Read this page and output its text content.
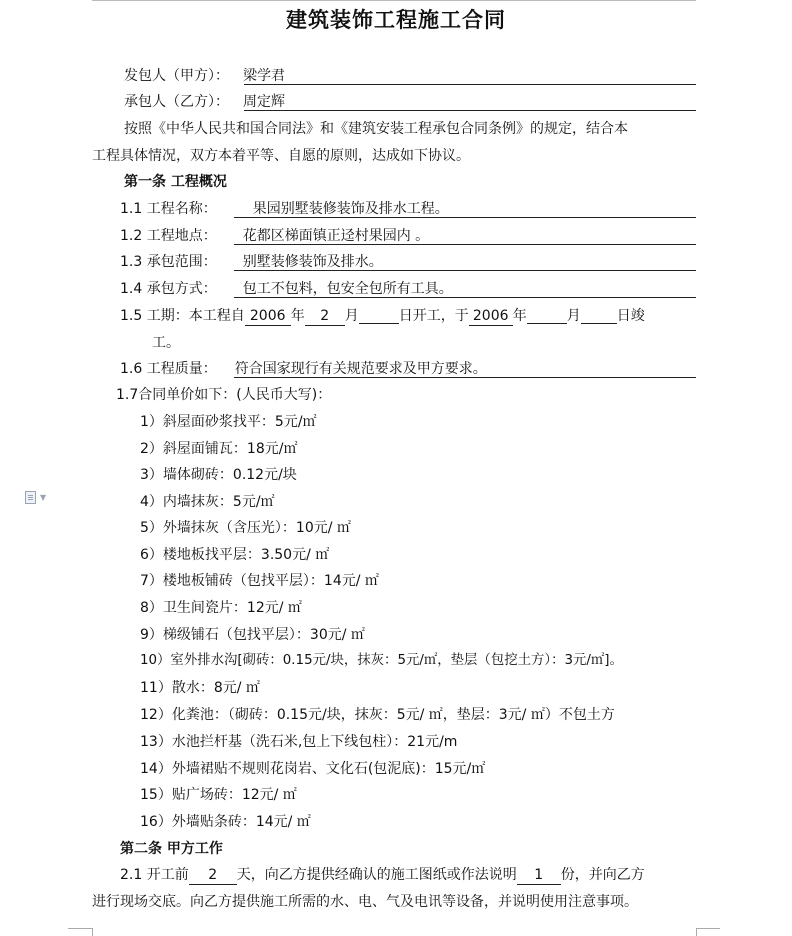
建筑装饰工程施工合同
发包人（甲方）： 梁学君
承包人（乙方）： 周定辉
按照《中华人民共和国合同法》和《建筑安装工程承包合同条例》的规定，结合本
工程具体情况，双方本着平等、自愿的原则，达成如下协议。
第一条 工程概况
1.1 工程名称：	果园别墅装修装饰及排水工程。
1.2 工程地点： 花都区梯面镇正迳村果园内 。
1.3 承包范围： 别墅装修装饰及排水。
1.4 承包方式： 包工不包料，包安全包所有工具。
1.5 工期：本工程自 2006 年 2 月	日开工，于 2006 年	月	日竣
工。
1.6 工程质量： 符合国家现行有关规范要求及甲方要求。
1.7合同单价如下：(人民币大写)：
1）斜屋面砂浆找平：5元/㎡
2）斜屋面铺瓦：18元/㎡
3）墙体砌砖：0.12元/块
4）内墙抹灰：5元/㎡
5）外墙抹灰（含压光）：10元/ ㎡
6）楼地板找平层：3.50元/ ㎡
7）楼地板铺砖（包找平层）：14元/ ㎡
8）卫生间瓷片：12元/ ㎡
9）梯级铺石（包找平层）：30元/ ㎡
10）室外排水沟[砌砖：0.15元/块，抹灰：5元/㎡，垫层（包挖土方）：3元/㎡]。
11）散水：8元/ ㎡
12）化粪池：（砌砖：0.15元/块，抹灰：5元/ ㎡，垫层：3元/ ㎡）不包土方
13）水池拦杆基（洗石米,包上下线包柱）：21元/m
14）外墙裙贴不规则花岗岩、文化石(包泥底)：15元/㎡
15）贴广场砖：12元/ ㎡
16）外墙贴条砖：14元/ ㎡
第二条 甲方工作
2.1 开工前 2 天，向乙方提供经确认的施工图纸或作法说明 1 份，并向乙方
进行现场交底。向乙方提供施工所需的水、电、气及电讯等设备，并说明使用注意事项。
▼
